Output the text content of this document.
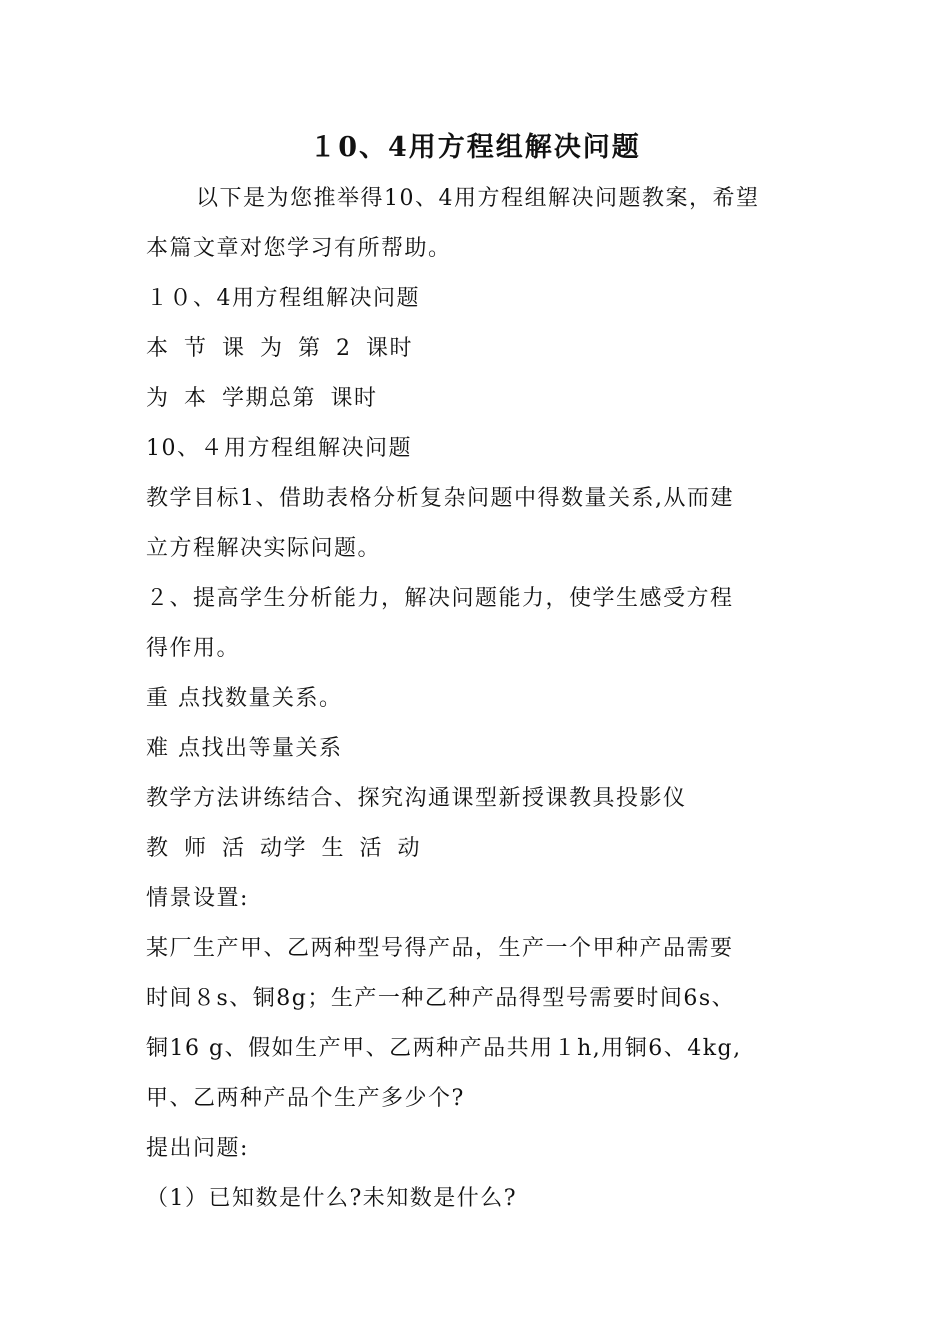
１0、4用方程组解决问题
以下是为您推举得10、4用方程组解决问题教案，希望
本篇文章对您学习有所帮助。
１０、4用方程组解决问题
本 节 课 为 第 2 课时
为 本 学期总第 课时
10、４用方程组解决问题
教学目标1、借助表格分析复杂问题中得数量关系,从而建
立方程解决实际问题。
２、提高学生分析能力，解决问题能力，使学生感受方程
得作用。
重 点找数量关系。
难 点找出等量关系
教学方法讲练结合、探究沟通课型新授课教具投影仪
教 师 活 动学 生 活 动
情景设置:
某厂生产甲、乙两种型号得产品，生产一个甲种产品需要
时间８s、铜8g；生产一种乙种产品得型号需要时间6s、
铜16 g、假如生产甲、乙两种产品共用１h,用铜6、4kg,
甲、乙两种产品个生产多少个?
提出问题:
（1）已知数是什么?未知数是什么?
